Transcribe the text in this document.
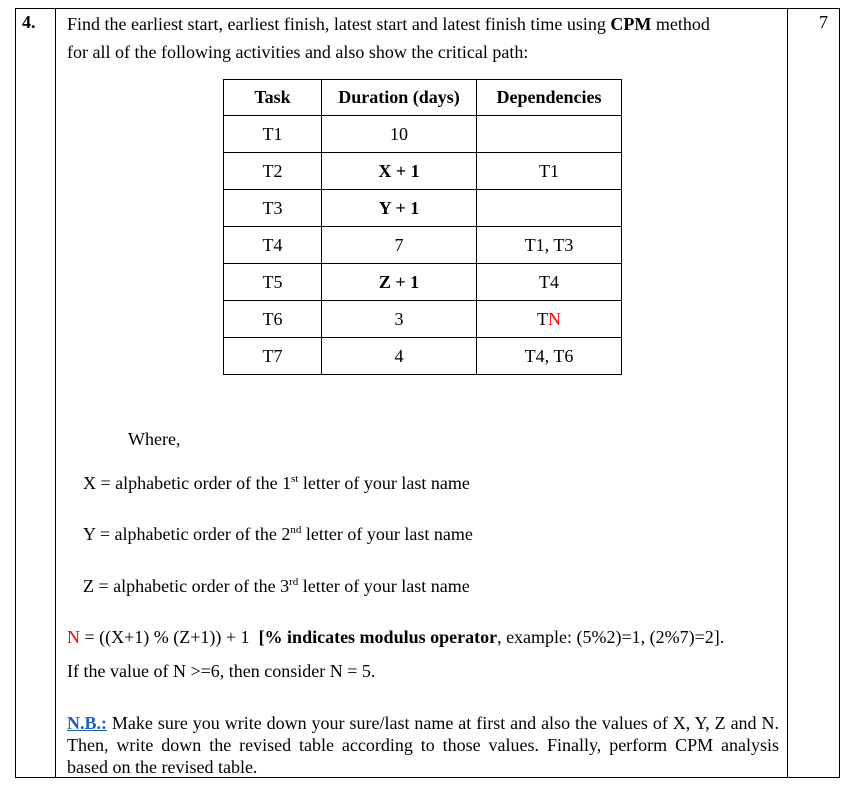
4.	7
Find the earliest start, earliest finish, latest start and latest finish time using CPM method
for all of the following activities and also show the critical path:
Task	Duration (days)	Dependencies
T1	10	
T2	X + 1	T1
T3	Y + 1	
T4	7	T1, T3
T5	Z + 1	T4
T6	3	TN
T7	4	T4, T6
Where,
X = alphabetic order of the 1st letter of your last name
Y = alphabetic order of the 2nd letter of your last name
Z = alphabetic order of the 3rd letter of your last name
N = ((X+1) % (Z+1)) + 1  [% indicates modulus operator, example: (5%2)=1, (2%7)=2].
If the value of N >=6, then consider N = 5.
N.B.: Make sure you write down your sure/last name at first and also the values of X, Y, Z and N. Then, write down the revised table according to those values. Finally, perform CPM analysis based on the revised table.
